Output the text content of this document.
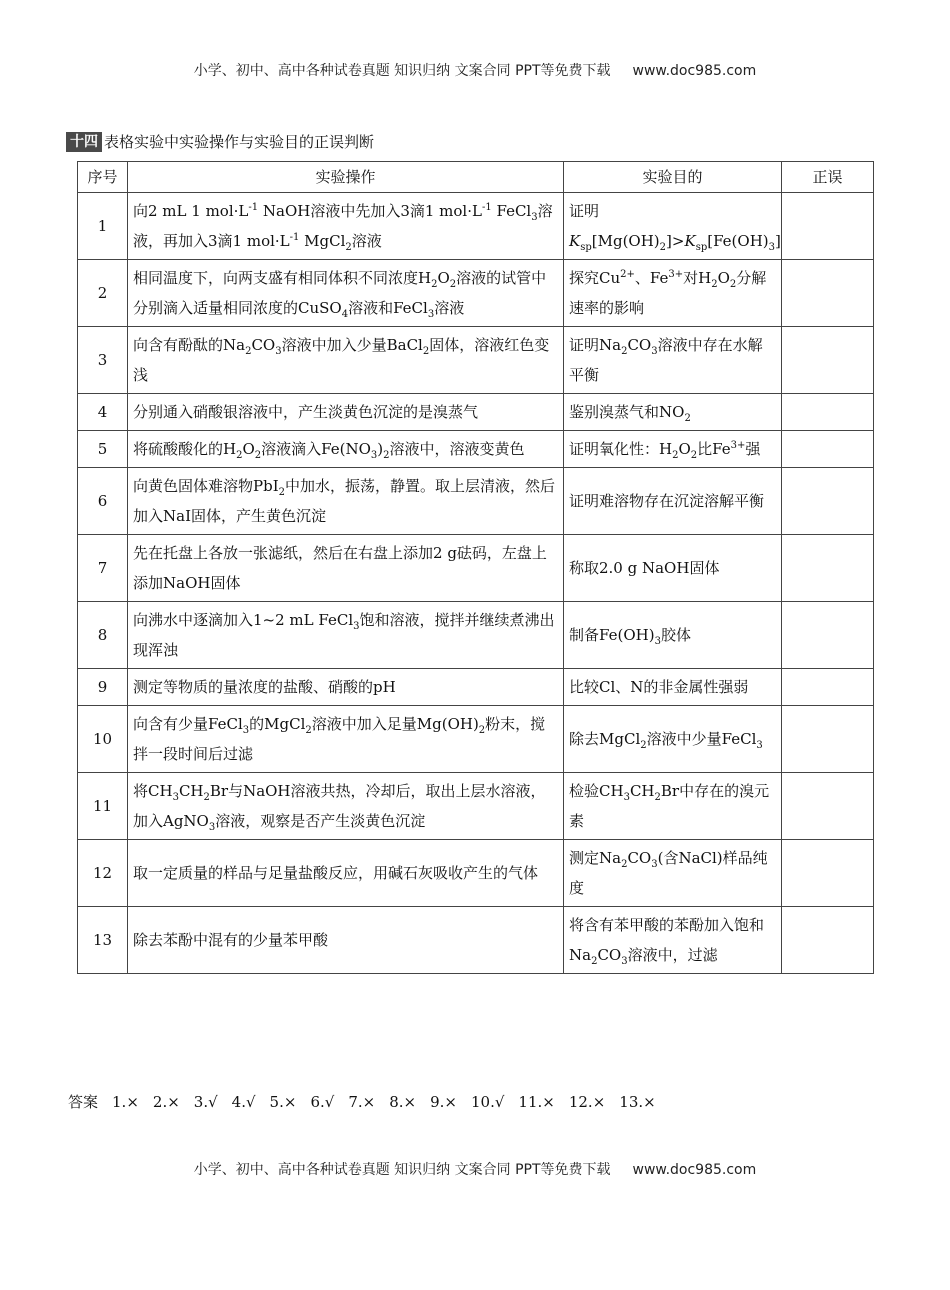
小学、初中、高中各种试卷真题 知识归纳 文案合同 PPT等免费下载 www.doc985.com
十四 表格实验中实验操作与实验目的正误判断
序号	实验操作	实验目的	正误
1	向2 mL 1 $mol\cdot L^{-1}$ NaOH溶液中先加入3滴1 $mol\cdot L^{-1}$ FeCl$_3$溶液，再加入3滴1 $mol\cdot L^{-1}$ MgCl$_2$溶液	证明$K_{sp}[Mg(OH)_2]>K_{sp}[Fe(OH)_3]$	
2	相同温度下，向两支盛有相同体积不同浓度$H_2O_2$溶液的试管中分别滴入适量相同浓度的CuSO$_4$溶液和FeCl$_3$溶液	探究$Cu^{2+}$、$Fe^{3+}$对$H_2O_2$分解速率的影响	
3	向含有酚酞的$Na_2CO_3$溶液中加入少量BaCl$_2$固体，溶液红色变浅	证明$Na_2CO_3$溶液中存在水解平衡	
4	分别通入硝酸银溶液中，产生淡黄色沉淀的是溴蒸气	鉴别溴蒸气和$NO_2$	
5	将硫酸酸化的$H_2O_2$溶液滴入$Fe(NO_3)_2$溶液中，溶液变黄色	证明氧化性：$H_2O_2$比$Fe^{3+}$强	
6	向黄色固体难溶物PbI$_2$中加水，振荡，静置。取上层清液，然后加入NaI固体，产生黄色沉淀	证明难溶物存在沉淀溶解平衡	
7	先在托盘上各放一张滤纸，然后在右盘上添加2 g砝码，左盘上添加NaOH固体	称取2.0 g NaOH固体	
8	向沸水中逐滴加入1~2 mL FeCl$_3$饱和溶液，搅拌并继续煮沸出现浑浊	制备$Fe(OH)_3$胶体	
9	测定等物质的量浓度的盐酸、硝酸的pH	比较Cl、N的非金属性强弱	
10	向含有少量FeCl$_3$的MgCl$_2$溶液中加入足量$Mg(OH)_2$粉末，搅拌一段时间后过滤	除去MgCl$_2$溶液中少量FeCl$_3$	
11	将$CH_3CH_2Br$与NaOH溶液共热，冷却后，取出上层水溶液，加入AgNO$_3$溶液，观察是否产生淡黄色沉淀	检验$CH_3CH_2Br$中存在的溴元素	
12	取一定质量的样品与足量盐酸反应，用碱石灰吸收产生的气体	测定$Na_2CO_3$(含NaCl)样品纯度	
13	除去苯酚中混有的少量苯甲酸	将含有苯甲酸的苯酚加入饱和$Na_2CO_3$溶液中，过滤	
答案 1.× 2.× 3.√ 4.√ 5.× 6.√ 7.× 8.× 9.× 10.√ 11.× 12.× 13.×
小学、初中、高中各种试卷真题 知识归纳 文案合同 PPT等免费下载 www.doc985.com
